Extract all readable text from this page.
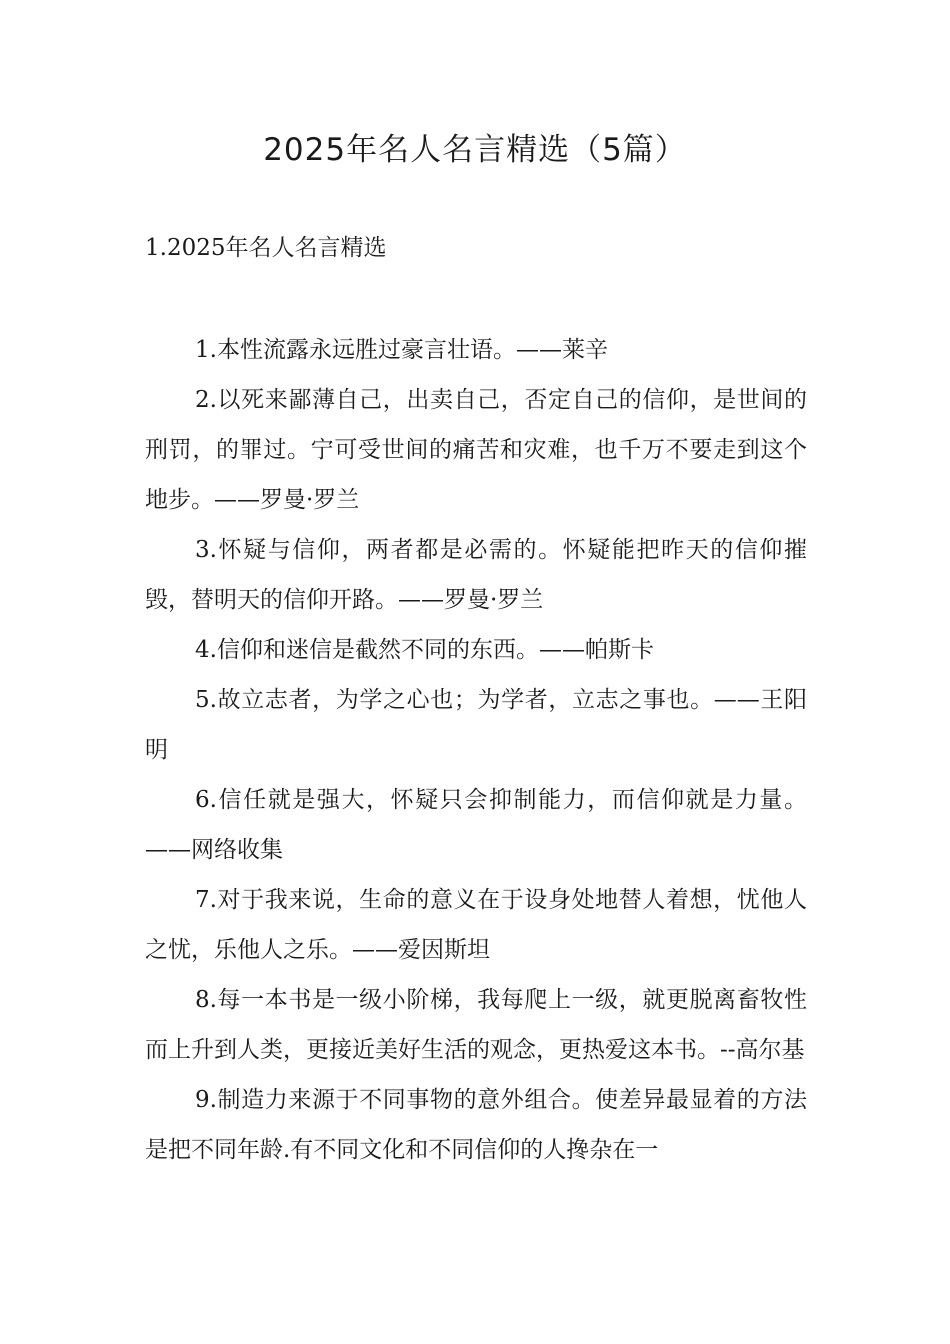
2025年名人名言精选（5篇）
1.2025年名人名言精选
1.本性流露永远胜过豪言壮语。——莱辛
2.以死来鄙薄自己，出卖自己，否定自己的信仰，是世间的刑罚，的罪过。宁可受世间的痛苦和灾难，也千万不要走到这个地步。——罗曼·罗兰
3.怀疑与信仰，两者都是必需的。怀疑能把昨天的信仰摧毁，替明天的信仰开路。——罗曼·罗兰
4.信仰和迷信是截然不同的东西。——帕斯卡
5.故立志者，为学之心也；为学者，立志之事也。——王阳明
6.信任就是强大，怀疑只会抑制能力，而信仰就是力量。——网络收集
7.对于我来说，生命的意义在于设身处地替人着想，忧他人之忧，乐他人之乐。——爱因斯坦
8.每一本书是一级小阶梯，我每爬上一级，就更脱离畜牧性而上升到人类，更接近美好生活的观念，更热爱这本书。--高尔基
9.制造力来源于不同事物的意外组合。使差异最显着的方法是把不同年龄.有不同文化和不同信仰的人搀杂在一
